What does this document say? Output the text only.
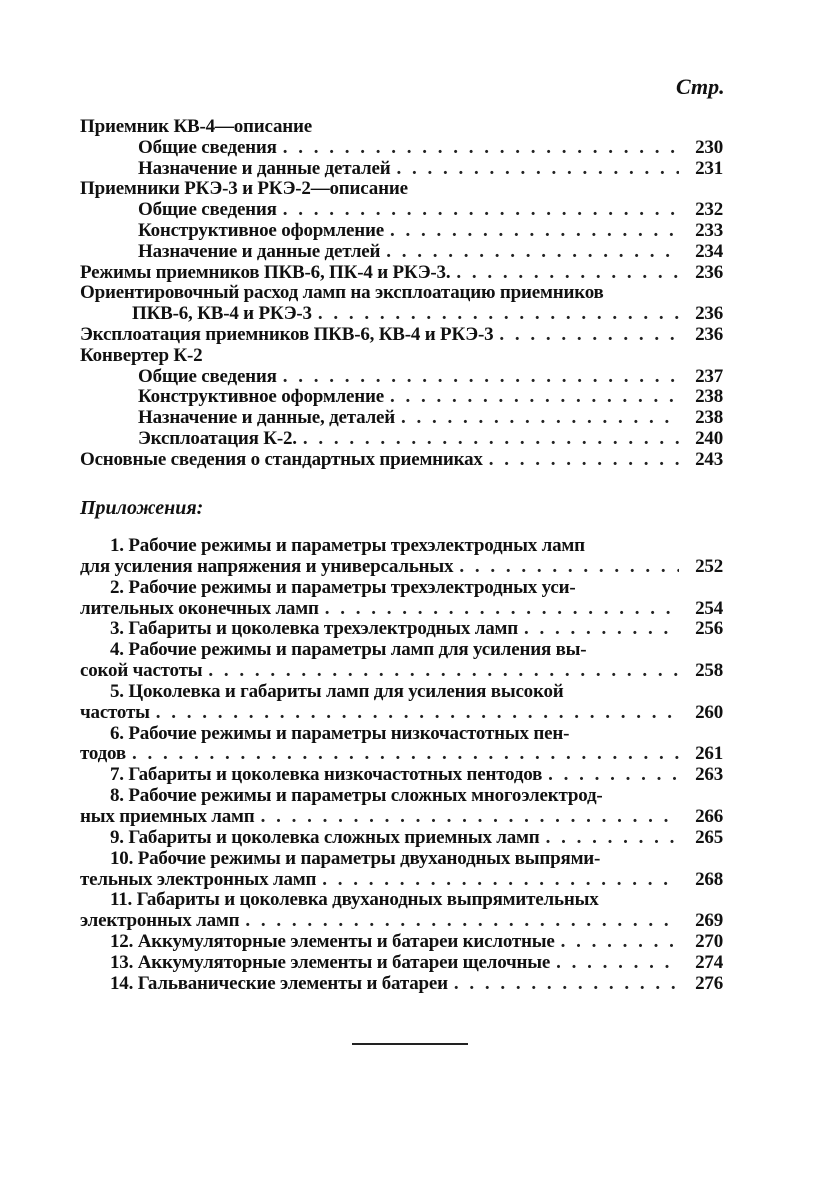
Стр.
Приемник КВ-4—описание
Общие сведения . . .	230
Назначение и данные деталей . . .	231
Приемники РКЭ-3 и РКЭ-2—описание
Общие сведения . . .	232
Конструктивное оформление . . .	233
Назначение и данные детлей . . .	234
Режимы приемников ПКВ-6, ПК-4 и РКЭ-3. . . .	236
Ориентировочный расход ламп на эксплоатацию приемников
ПКВ-6, КВ-4 и РКЭ-3 . . .	236
Эксплоатация приемников ПКВ-6, КВ-4 и РКЭ-3 . . .	236
Конвертер К-2
Общие сведения . . .	237
Конструктивное оформление . . .	238
Назначение и данные, деталей . . .	238
Эксплоатация К-2. . . .	240
Основные сведения о стандартных приемниках . . .	243
Приложения:
1. Рабочие режимы и параметры трехэлектродных ламп
для усиления напряжения и универсальных . . .	252
2. Рабочие режимы и параметры трехэлектродных уси-
лительных оконечных ламп . . .	254
3. Габариты и цоколевка трехэлектродных ламп . . .	256
4. Рабочие режимы и параметры ламп для усиления вы-
сокой частоты . . .	258
5. Цоколевка и габариты ламп для усиления высокой
частоты . . .	260
6. Рабочие режимы и параметры низкочастотных пен-
тодов . . .	261
7. Габариты и цоколевка низкочастотных пентодов . . .	263
8. Рабочие режимы и параметры сложных многоэлектрод-
ных приемных ламп . . .	266
9. Габариты и цоколевка сложных приемных ламп . . .	265
10. Рабочие режимы и параметры двуханодных выпрями-
тельных электронных ламп . . .	268
11. Габариты и цоколевка двуханодных выпрямительных
электронных ламп . . .	269
12. Аккумуляторные элементы и батареи кислотные . . .	270
13. Аккумуляторные элементы и батареи щелочные . . .	274
14. Гальванические элементы и батареи . . .	276
